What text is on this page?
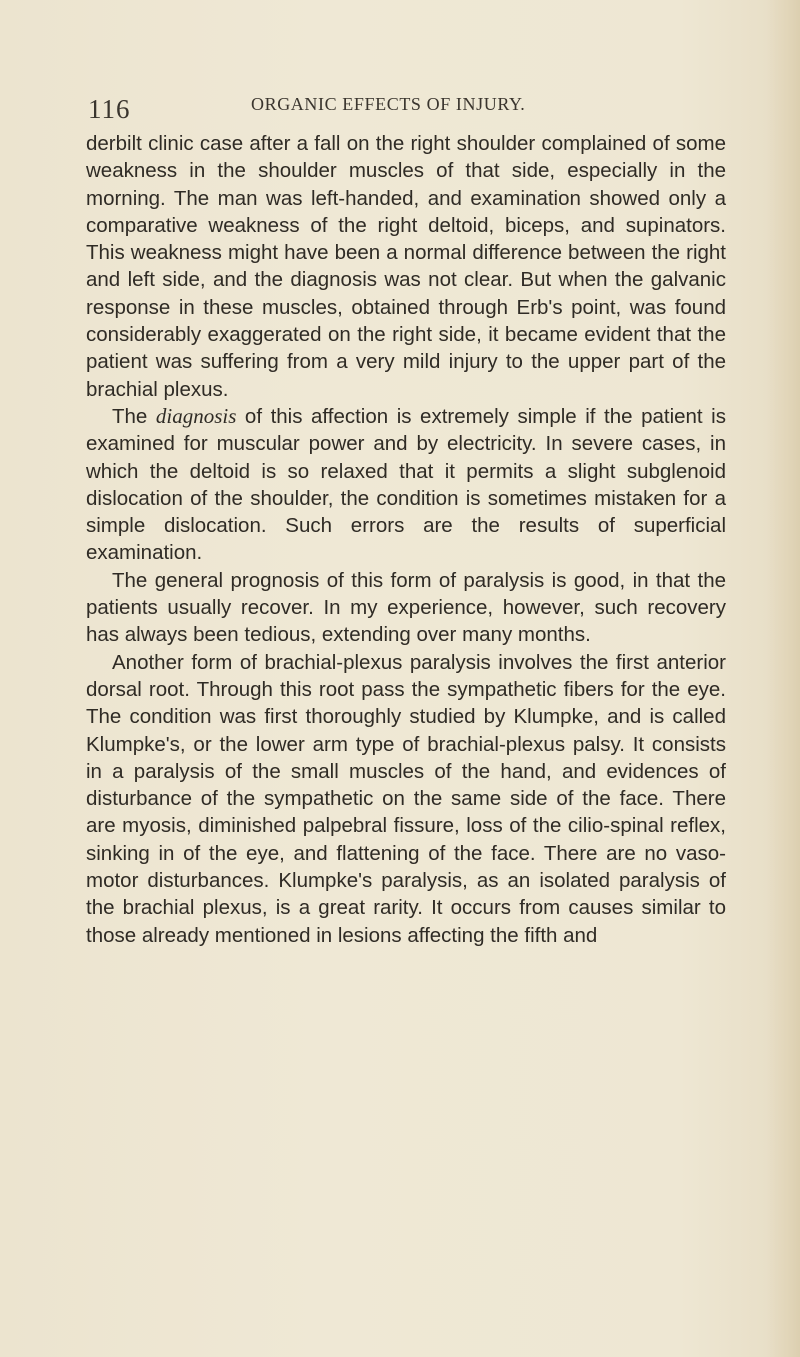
116	ORGANIC EFFECTS OF INJURY.

derbilt clinic case after a fall on the right shoulder complained of some weakness in the shoulder muscles of that side, especially in the morning. The man was left-handed, and examination showed only a comparative weakness of the right deltoid, biceps, and supinators. This weakness might have been a normal difference between the right and left side, and the diagnosis was not clear. But when the galvanic response in these muscles, obtained through Erb's point, was found considerably exaggerated on the right side, it became evident that the patient was suffering from a very mild injury to the upper part of the brachial plexus.

The diagnosis of this affection is extremely simple if the patient is examined for muscular power and by electricity. In severe cases, in which the deltoid is so relaxed that it permits a slight subglenoid dislocation of the shoulder, the condition is sometimes mistaken for a simple dislocation. Such errors are the results of superficial examination.

The general prognosis of this form of paralysis is good, in that the patients usually recover. In my experience, however, such recovery has always been tedious, extending over many months.

Another form of brachial-plexus paralysis involves the first anterior dorsal root. Through this root pass the sympathetic fibers for the eye. The condition was first thoroughly studied by Klumpke, and is called Klumpke's, or the lower arm type of brachial-plexus palsy. It consists in a paralysis of the small muscles of the hand, and evidences of disturbance of the sympathetic on the same side of the face. There are myosis, diminished palpebral fissure, loss of the cilio-spinal reflex, sinking in of the eye, and flattening of the face. There are no vaso-motor disturbances. Klumpke's paralysis, as an isolated paralysis of the brachial plexus, is a great rarity. It occurs from causes similar to those already mentioned in lesions affecting the fifth and
